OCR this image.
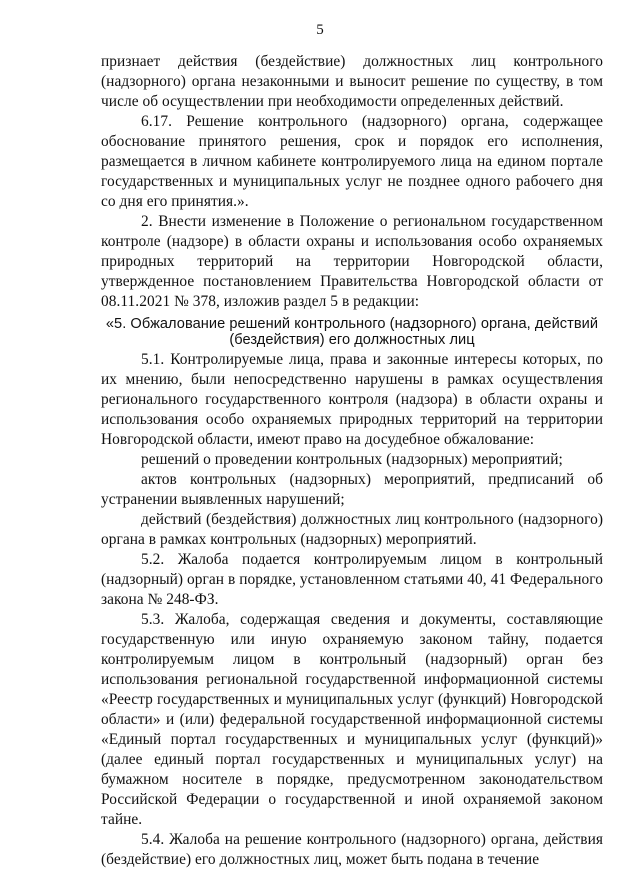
5

признает действия (бездействие) должностных лиц контрольного (надзорного) органа незаконными и выносит решение по существу, в том числе об осуществлении при необходимости определенных действий.

6.17. Решение контрольного (надзорного) органа, содержащее обоснование принятого решения, срок и порядок его исполнения, размещается в личном кабинете контролируемого лица на едином портале государственных и муниципальных услуг не позднее одного рабочего дня со дня его принятия.».

2. Внести изменение в Положение о региональном государственном контроле (надзоре) в области охраны и использования особо охраняемых природных территорий на территории Новгородской области, утвержденное постановлением Правительства Новгородской области от 08.11.2021 № 378, изложив раздел 5 в редакции:

«5. Обжалование решений контрольного (надзорного) органа, действий
(бездействия) его должностных лиц

5.1. Контролируемые лица, права и законные интересы которых, по их мнению, были непосредственно нарушены в рамках осуществления регионального государственного контроля (надзора) в области охраны и использования особо охраняемых природных территорий на территории Новгородской области, имеют право на досудебное обжалование:

решений о проведении контрольных (надзорных) мероприятий;

актов контрольных (надзорных) мероприятий, предписаний об устранении выявленных нарушений;

действий (бездействия) должностных лиц контрольного (надзорного) органа в рамках контрольных (надзорных) мероприятий.

5.2. Жалоба подается контролируемым лицом в контрольный (надзорный) орган в порядке, установленном статьями 40, 41 Федерального закона № 248-ФЗ.

5.3. Жалоба, содержащая сведения и документы, составляющие государственную или иную охраняемую законом тайну, подается контролируемым лицом в контрольный (надзорный) орган без использования региональной государственной информационной системы «Реестр государственных и муниципальных услуг (функций) Новгородской области» и (или) федеральной государственной информационной системы «Единый портал государственных и муниципальных услуг (функций)» (далее единый портал государственных и муниципальных услуг) на бумажном носителе в порядке, предусмотренном законодательством Российской Федерации о государственной и иной охраняемой законом тайне.

5.4. Жалоба на решение контрольного (надзорного) органа, действия (бездействие) его должностных лиц, может быть подана в течение
